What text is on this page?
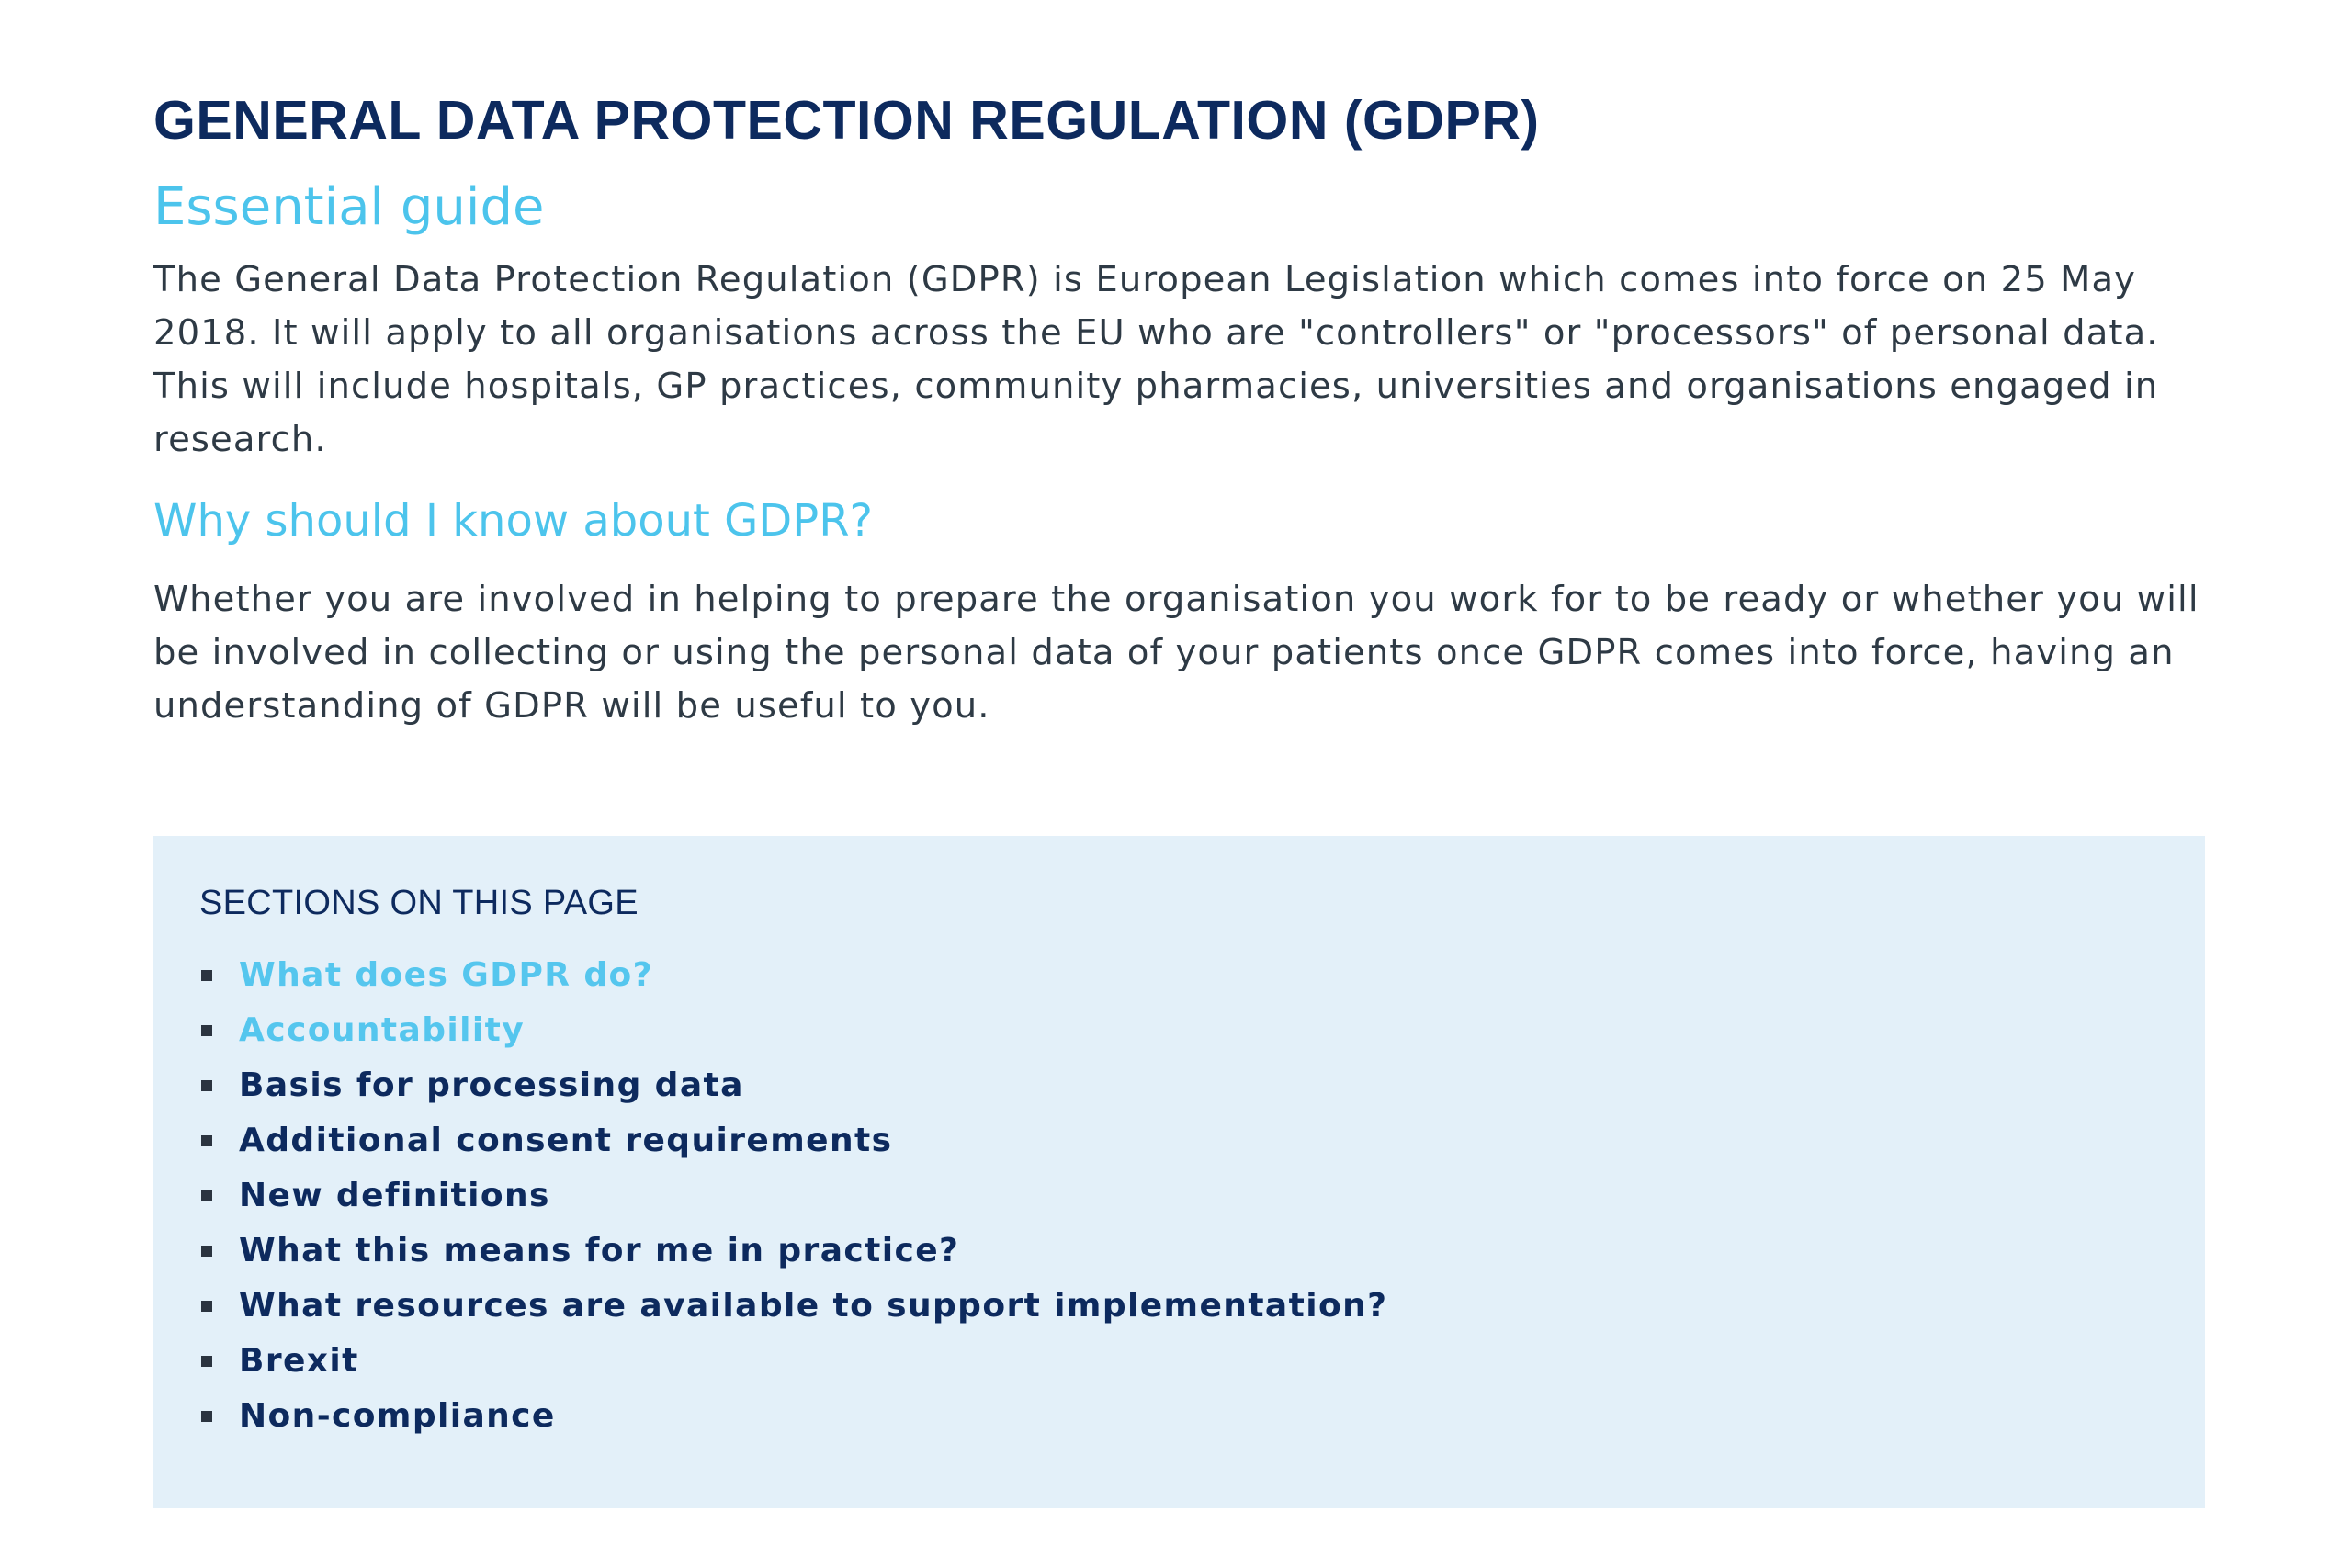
GENERAL DATA PROTECTION REGULATION (GDPR)
Essential guide

The General Data Protection Regulation (GDPR) is European Legislation which comes into force on 25 May 2018. It will apply to all organisations across the EU who are "controllers" or "processors" of personal data. This will include hospitals, GP practices, community pharmacies, universities and organisations engaged in research.

Why should I know about GDPR?

Whether you are involved in helping to prepare the organisation you work for to be ready or whether you will be involved in collecting or using the personal data of your patients once GDPR comes into force, having an understanding of GDPR will be useful to you.

SECTIONS ON THIS PAGE
What does GDPR do?
Accountability
Basis for processing data
Additional consent requirements
New definitions
What this means for me in practice?
What resources are available to support implementation?
Brexit
Non-compliance
